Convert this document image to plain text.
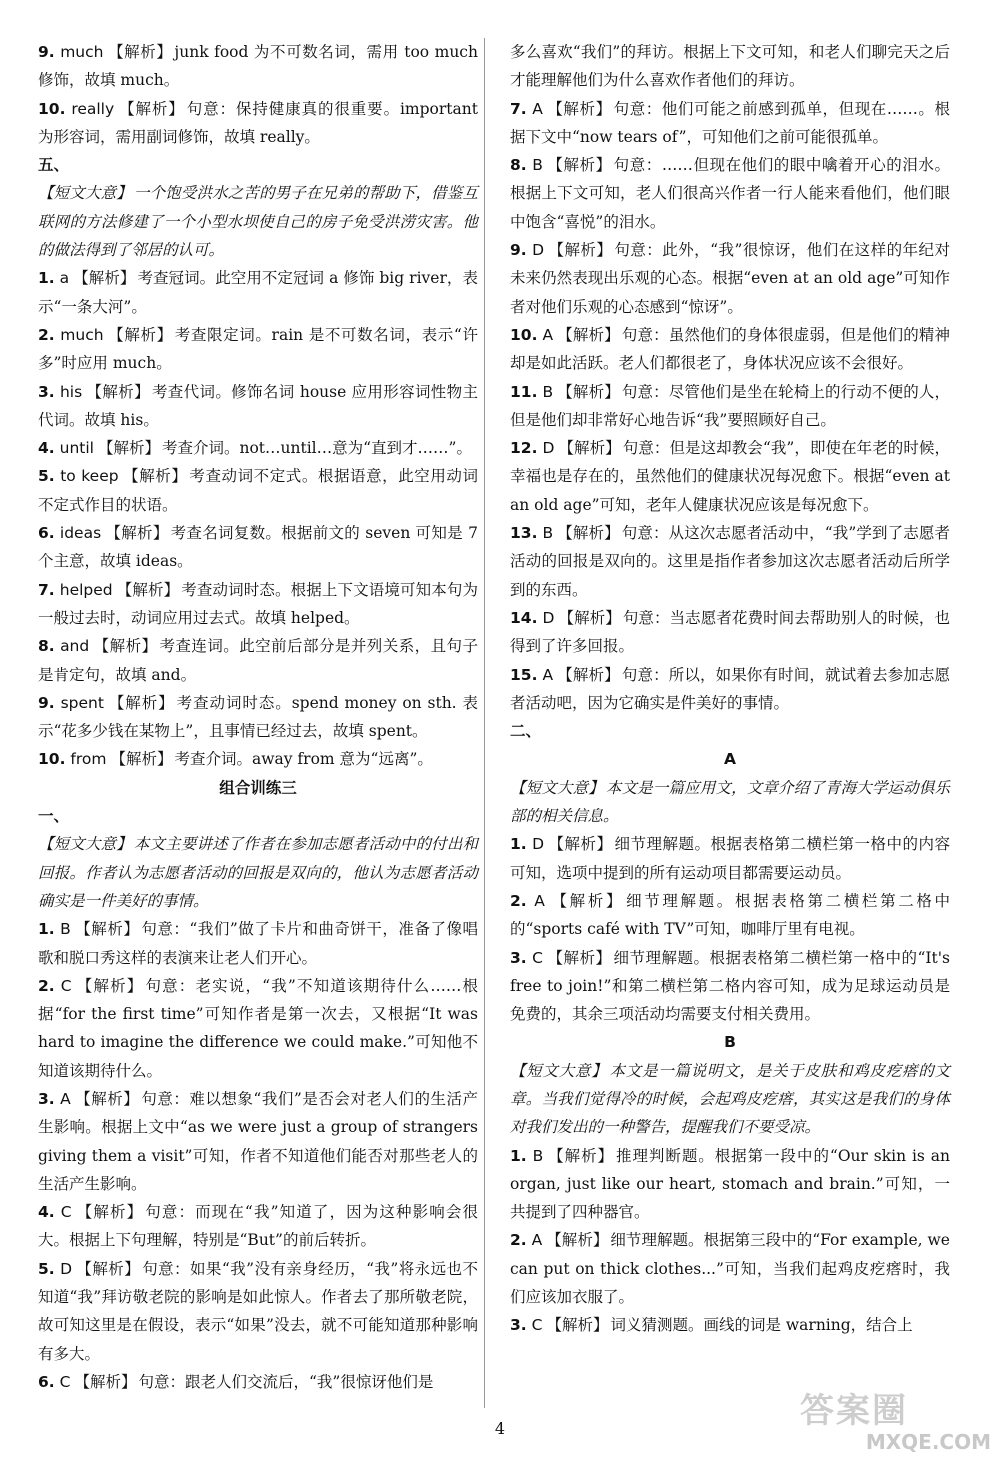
9. much 【解析】 junk food 为不可数名词，需用 too much 修饰，故填 much。
10. really 【解析】 句意：保持健康真的很重要。important 为形容词，需用副词修饰，故填 really。
五、
【短文大意】 一个饱受洪水之苦的男子在兄弟的帮助下，借鉴互联网的方法修建了一个小型水坝使自己的房子免受洪涝灾害。他的做法得到了邻居的认可。
1. a 【解析】 考查冠词。此空用不定冠词 a 修饰 big river，表示“一条大河”。
2. much 【解析】 考查限定词。rain 是不可数名词，表示“许多”时应用 much。
3. his 【解析】 考查代词。修饰名词 house 应用形容词性物主代词。故填 his。
4. until 【解析】 考查介词。not…until…意为“直到才……”。
5. to keep 【解析】 考查动词不定式。根据语意，此空用动词不定式作目的状语。
6. ideas 【解析】 考查名词复数。根据前文的 seven 可知是 7 个主意，故填 ideas。
7. helped 【解析】 考查动词时态。根据上下文语境可知本句为一般过去时，动词应用过去式。故填 helped。
8. and 【解析】 考查连词。此空前后部分是并列关系，且句子是肯定句，故填 and。
9. spent 【解析】 考查动词时态。spend money on sth. 表示“花多少钱在某物上”，且事情已经过去，故填 spent。
10. from 【解析】 考查介词。away from 意为“远离”。
组合训练三
一、
【短文大意】 本文主要讲述了作者在参加志愿者活动中的付出和回报。作者认为志愿者活动的回报是双向的，他认为志愿者活动确实是一件美好的事情。
1. B 【解析】 句意：“我们”做了卡片和曲奇饼干，准备了像唱歌和脱口秀这样的表演来让老人们开心。
2. C 【解析】 句意：老实说，“我”不知道该期待什么……根据“for the first time”可知作者是第一次去，又根据“It was hard to imagine the difference we could make.”可知他不知道该期待什么。
3. A 【解析】 句意：难以想象“我们”是否会对老人们的生活产生影响。根据上文中“as we were just a group of strangers giving them a visit”可知，作者不知道他们能否对那些老人的生活产生影响。
4. C 【解析】 句意：而现在“我”知道了，因为这种影响会很大。根据上下句理解，特别是“But”的前后转折。
5. D 【解析】 句意：如果“我”没有亲身经历，“我”将永远也不知道“我”拜访敬老院的影响是如此惊人。作者去了那所敬老院，故可知这里是在假设，表示“如果”没去，就不可能知道那种影响有多大。
6. C 【解析】 句意：跟老人们交流后，“我”很惊讶他们是
多么喜欢“我们”的拜访。根据上下文可知，和老人们聊完天之后才能理解他们为什么喜欢作者他们的拜访。
7. A 【解析】 句意：他们可能之前感到孤单，但现在……。根据下文中“now tears of”，可知他们之前可能很孤单。
8. B 【解析】 句意：……但现在他们的眼中噙着开心的泪水。根据上下文可知，老人们很高兴作者一行人能来看他们，他们眼中饱含“喜悦”的泪水。
9. D 【解析】 句意：此外，“我”很惊讶，他们在这样的年纪对未来仍然表现出乐观的心态。根据“even at an old age”可知作者对他们乐观的心态感到“惊讶”。
10. A 【解析】 句意：虽然他们的身体很虚弱，但是他们的精神却是如此活跃。老人们都很老了，身体状况应该不会很好。
11. B 【解析】 句意：尽管他们是坐在轮椅上的行动不便的人，但是他们却非常好心地告诉“我”要照顾好自己。
12. D 【解析】 句意：但是这却教会“我”，即使在年老的时候，幸福也是存在的，虽然他们的健康状况每况愈下。根据“even at an old age”可知，老年人健康状况应该是每况愈下。
13. B 【解析】 句意：从这次志愿者活动中，“我”学到了志愿者活动的回报是双向的。这里是指作者参加这次志愿者活动后所学到的东西。
14. D 【解析】 句意：当志愿者花费时间去帮助别人的时候，也得到了许多回报。
15. A 【解析】 句意：所以，如果你有时间，就试着去参加志愿者活动吧，因为它确实是件美好的事情。
二、
A
【短文大意】 本文是一篇应用文，文章介绍了青海大学运动俱乐部的相关信息。
1. D 【解析】 细节理解题。根据表格第二横栏第一格中的内容可知，选项中提到的所有运动项目都需要运动员。
2. A 【解析】 细节理解题。根据表格第二横栏第二格中的“sports café with TV”可知，咖啡厅里有电视。
3. C 【解析】 细节理解题。根据表格第二横栏第一格中的“It's free to join!”和第二横栏第二格内容可知，成为足球运动员是免费的，其余三项活动均需要支付相关费用。
B
【短文大意】 本文是一篇说明文，是关于皮肤和鸡皮疙瘩的文章。当我们觉得冷的时候，会起鸡皮疙瘩，其实这是我们的身体对我们发出的一种警告，提醒我们不要受凉。
1. B 【解析】 推理判断题。根据第一段中的“Our skin is an organ, just like our heart, stomach and brain.”可知，一共提到了四种器官。
2. A 【解析】 细节理解题。根据第三段中的“For example, we can put on thick clothes...”可知，当我们起鸡皮疙瘩时，我们应该加衣服了。
3. C 【解析】 词义猜测题。画线的词是 warning，结合上
4	答案圈
MXQE.COM
